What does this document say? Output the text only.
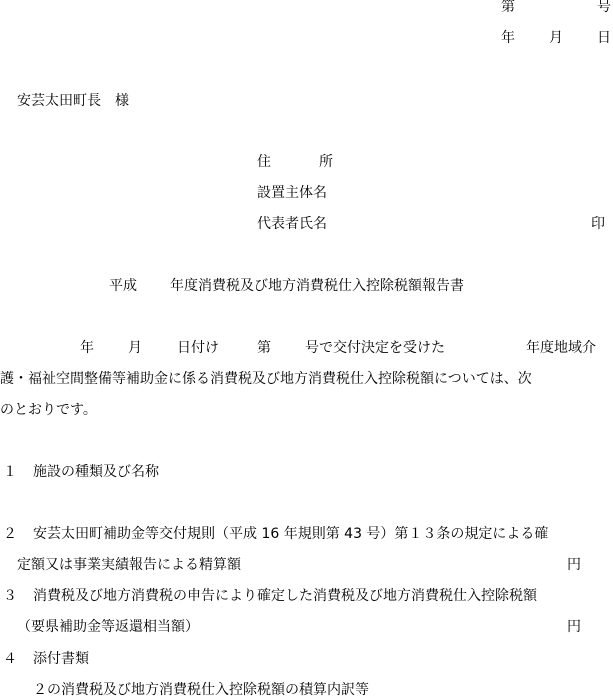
第	号
年 月 日
安芸太田町長　様
住	所
設置主体名
代表者氏名	印
平成 年度消費税及び地方消費税仕入控除税額報告書
年 月	日付け	第 号で交付決定を受けた	年度地域介
護・福祉空間整備等補助金に係る消費税及び地方消費税仕入控除税額については、次
のとおりです。
１ 施設の種類及び名称
２ 安芸太田町補助金等交付規則（平成 16 年規則第 43 号）第１３条の規定による確
定額又は事業実績報告による精算額	円
３ 消費税及び地方消費税の申告により確定した消費税及び地方消費税仕入控除税額
（要県補助金等返還相当額）	円
４ 添付書類
２の消費税及び地方消費税仕入控除税額の積算内訳等
